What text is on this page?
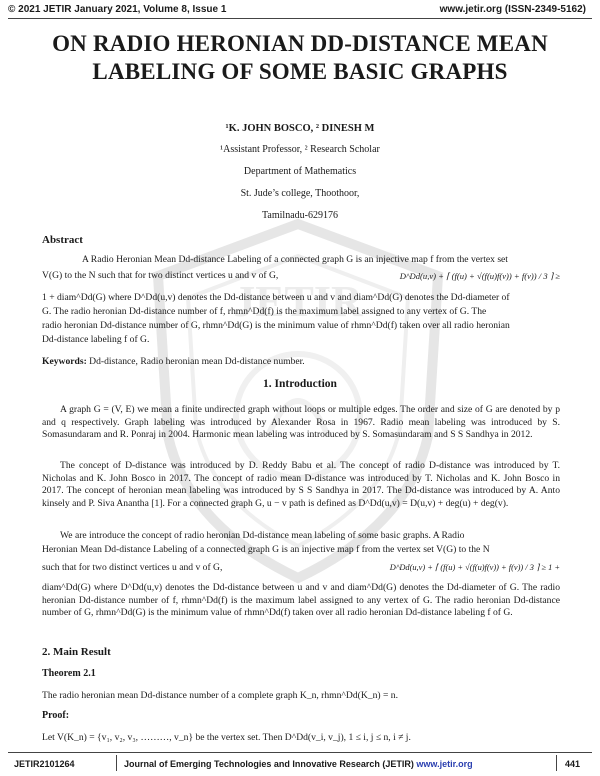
© 2021 JETIR January 2021, Volume 8, Issue 1	www.jetir.org (ISSN-2349-5162)
JETIR
ON RADIO HERONIAN DD-DISTANCE MEAN
LABELING OF SOME BASIC GRAPHS
¹K. JOHN BOSCO, ² DINESH M
¹Assistant Professor, ² Research Scholar
Department of Mathematics
St. Jude’s college, Thoothoor,
Tamilnadu-629176
Abstract
A Radio Heronian Mean Dd-distance Labeling of a connected graph G is an injective map f from the vertex set
V(G) to the N such that for two distinct vertices u and v of G,	D^Dd(u,v) + ⌈ (f(u) + √(f(u)f(v)) + f(v)) / 3 ⌉ ≥
1 + diam^Dd(G) where D^Dd(u,v) denotes the Dd-distance between u and v and diam^Dd(G) denotes the Dd-diameter of
G. The radio heronian Dd-distance number of f, rhmn^Dd(f) is the maximum label assigned to any vertex of G. The
radio heronian Dd-distance number of G, rhmn^Dd(G) is the minimum value of rhmn^Dd(f) taken over all radio heronian
Dd-distance labeling f of G.
Keywords: Dd-distance, Radio heronian mean Dd-distance number.
1. Introduction
A graph G = (V, E) we mean a finite undirected graph without loops or multiple edges. The order and size of G are denoted by p and q respectively. Graph labeling was introduced by Alexander Rosa in 1967. Radio mean labeling was introduced by S. Somasundaram and R. Ponraj in 2004. Harmonic mean labeling was introduced by S. Somasundaram and S S Sandhya in 2012.
The concept of D-distance was introduced by D. Reddy Babu et al. The concept of radio D-distance was introduced by T. Nicholas and K. John Bosco in 2017. The concept of radio mean D-distance was introduced by T. Nicholas and K. John Bosco in 2017. The concept of heronian mean labeling was introduced by S S Sandhya in 2017. The Dd-distance was introduced by A. Anto kinsely and P. Siva Anantha [1]. For a connected graph G, u − v path is defined as D^Dd(u,v) = D(u,v) + deg(u) + deg(v).
We are introduce the concept of radio heronian Dd-distance mean labeling of some basic graphs. A Radio
Heronian Mean Dd-distance Labeling of a connected graph G is an injective map f from the vertex set V(G) to the N
such that for two distinct vertices u and v of G,	D^Dd(u,v) + ⌈ (f(u) + √(f(u)f(v)) + f(v)) / 3 ⌉ ≥ 1 +
diam^Dd(G) where D^Dd(u,v) denotes the Dd-distance between u and v and diam^Dd(G) denotes the Dd-diameter of G. The radio heronian Dd-distance number of f, rhmn^Dd(f) is the maximum label assigned to any vertex of G. The radio heronian Dd-distance number of G, rhmn^Dd(G) is the minimum value of rhmn^Dd(f) taken over all radio heronian Dd-distance labeling f of G.
2. Main Result
Theorem 2.1
The radio heronian mean Dd-distance number of a complete graph K_n, rhmn^Dd(K_n) = n.
Proof:
Let V(K_n) = {v₁, v₂, v₃, ………, v_n} be the vertex set. Then D^Dd(v_i, v_j), 1 ≤ i, j ≤ n, i ≠ j.
JETIR2101264	Journal of Emerging Technologies and Innovative Research (JETIR) www.jetir.org	441
